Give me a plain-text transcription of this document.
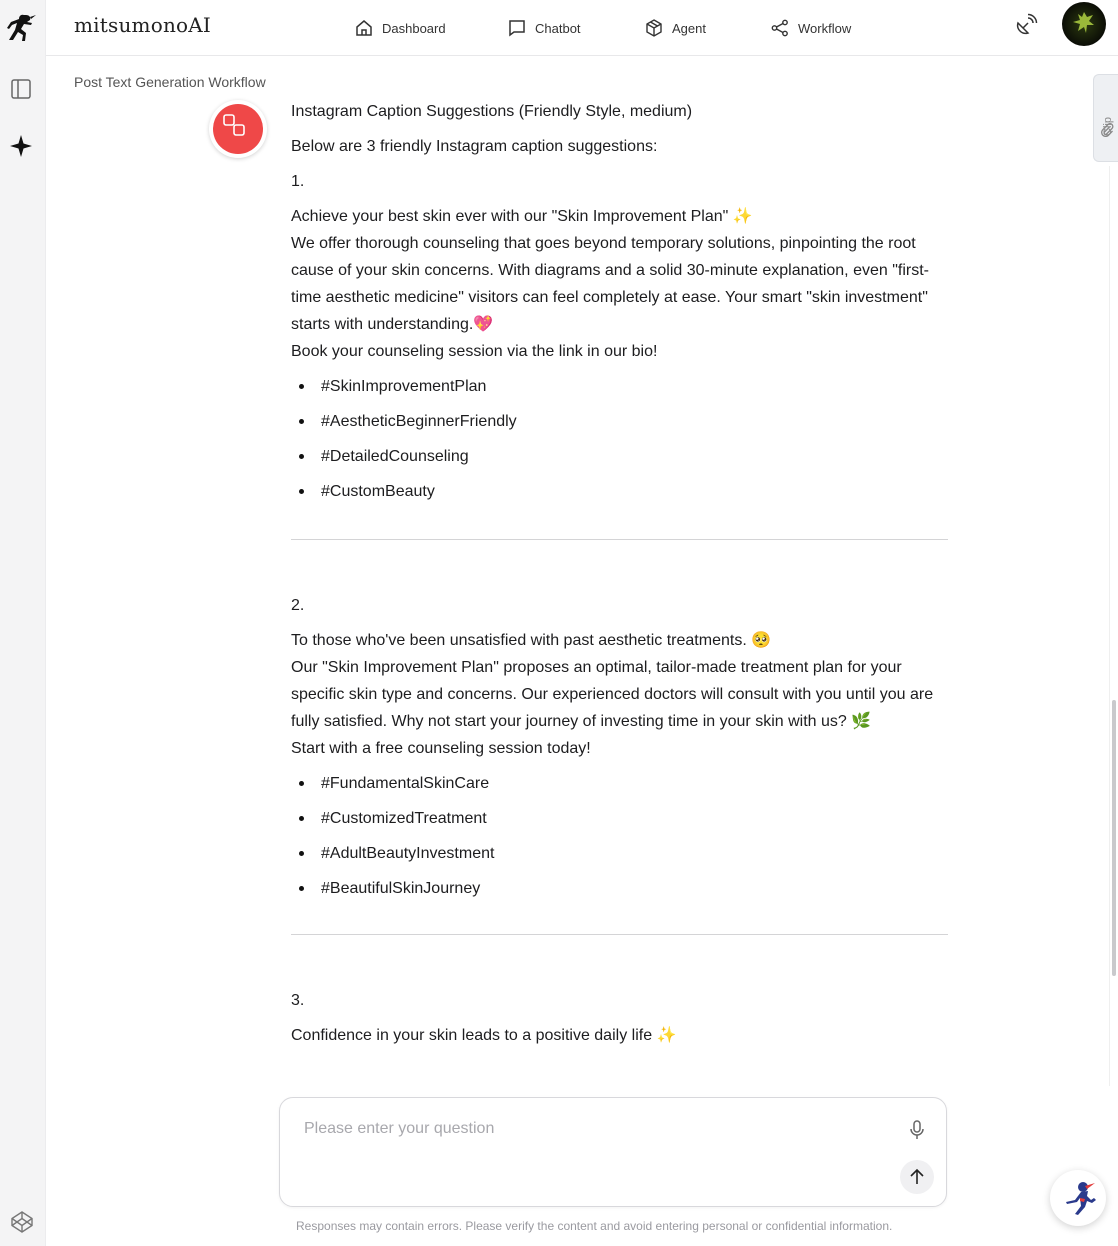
mitsumonoAI	Dashboard	Chatbot	Agent	Workflow
Post Text Generation Workflow

Instagram Caption Suggestions (Friendly Style, medium)

Below are 3 friendly Instagram caption suggestions:

1.

Achieve your best skin ever with our "Skin Improvement Plan" ✨
We offer thorough counseling that goes beyond temporary solutions, pinpointing the root cause of your skin concerns. With diagrams and a solid 30-minute explanation, even "first-time aesthetic medicine" visitors can feel completely at ease. Your smart "skin investment" starts with understanding.💖
Book your counseling session via the link in our bio!
#SkinImprovementPlan
#AestheticBeginnerFriendly
#DetailedCounseling
#CustomBeauty

2.

To those who've been unsatisfied with past aesthetic treatments. 🥺
Our "Skin Improvement Plan" proposes an optimal, tailor-made treatment plan for your specific skin type and concerns. Our experienced doctors will consult with you until you are fully satisfied. Why not start your journey of investing time in your skin with us? 🌿
Start with a free counseling session today!
#FundamentalSkinCare
#CustomizedTreatment
#AdultBeautyInvestment
#BeautifulSkinJourney

3.

Confidence in your skin leads to a positive daily life ✨
Clip
Please enter your question
Responses may contain errors. Please verify the content and avoid entering personal or confidential information.
